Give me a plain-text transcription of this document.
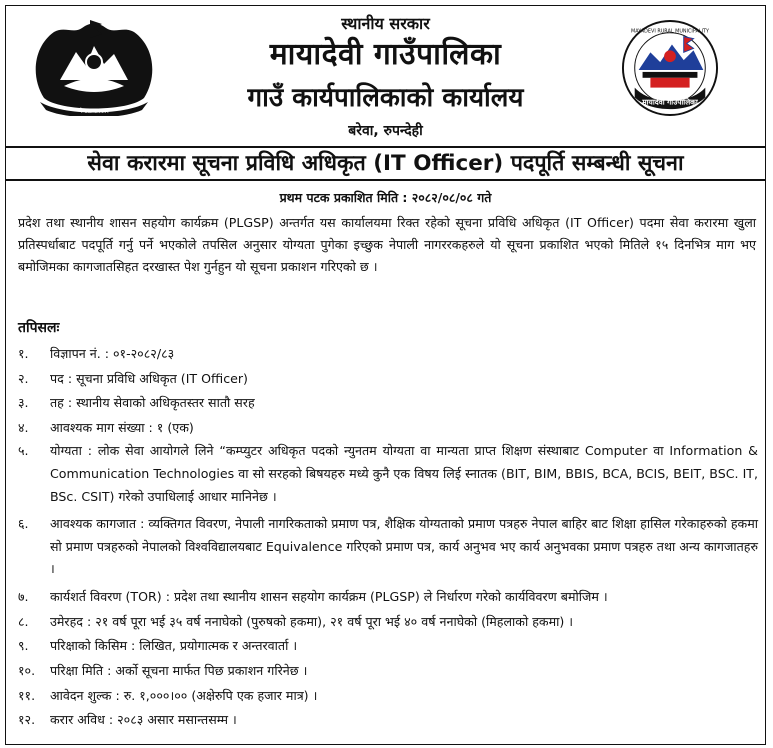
नेपाल सरकार
स्थानीय सरकार
मायादेवी गाउँपालिका
गाउँ कार्यपालिकाको कार्यालय
बरेवा, रुपन्देही
मायादेवी गाउँपालिका
MAYADEVI RURAL MUNICIPALITY
सेवा करारमा सूचना प्रविधि अधिकृत (IT Officer) पदपूर्ति सम्बन्धी सूचना
प्रथम पटक प्रकाशित मिति : २०८२/०८/०८ गते

प्रदेश तथा स्थानीय शासन सहयोग कार्यक्रम (PLGSP) अन्तर्गत यस कार्यालयमा रिक्त रहेको सूचना प्रविधि अधिकृत (IT Officer) पदमा सेवा करारमा खुला प्रतिस्पर्धाबाट पदपूर्ति गर्नु पर्ने भएकोले तपसिल अनुसार योग्यता पुगेका इच्छुक नेपाली नागररकहरुले यो सूचना प्रकाशित भएको मितिले १५ दिनभित्र माग भए बमोजिमका कागजातसिहत दरखास्त पेश गुर्नहुन यो सूचना प्रकाशन गरिएको छ ।

तपिसलः
१.	विज्ञापन नं. : ०१-२०८२/८३
२.	पद : सूचना प्रविधि अधिकृत (IT Officer)
३.	तह : स्थानीय सेवाको अधिकृतस्तर सातौ सरह
४.	आवश्यक माग संख्या : १ (एक)
५.	योग्यता : लोक सेवा आयोगले लिने “कम्प्युटर अधिकृत पदको न्युनतम योग्यता वा मान्यता प्राप्त शिक्षण संस्थाबाट Computer वा Information & Communication Technologies वा सो सरहको बिषयहरु मध्ये कुनै एक विषय लिई स्नातक (BIT, BIM, BBIS, BCA, BCIS, BEIT, BSC. IT, BSc. CSIT) गरेको उपाधिलाई आधार मानिनेछ ।
६.	आवश्यक कागजात : व्यक्तिगत विवरण, नेपाली नागरिकताको प्रमाण पत्र, शैक्षिक योग्यताको प्रमाण पत्रहरु नेपाल बाहिर बाट शिक्षा हासिल गरेकाहरुको हकमा सो प्रमाण पत्रहरुको नेपालको विश्वविद्यालयबाट Equivalence गरिएको प्रमाण पत्र, कार्य अनुभव भए कार्य अनुभवका प्रमाण पत्रहरु तथा अन्य कागजातहरु ।
७.	कार्यशर्त विवरण (TOR) : प्रदेश तथा स्थानीय शासन सहयोग कार्यक्रम (PLGSP) ले निर्धारण गरेको कार्यविवरण बमोजिम ।
८.	उमेरहद : २१ वर्ष पूरा भई ३५ वर्ष ननाघेको (पुरुषको हकमा), २१ वर्ष पूरा भई ४० वर्ष ननाघेको (मिहलाको हकमा) ।
९.	परिक्षाको किसिम : लिखित, प्रयोगात्मक र अन्तरवार्ता ।
१०.	परिक्षा मिति : अर्को सूचना मार्फत पिछ प्रकाशन गरिनेछ ।
११.	आवेदन शुल्क : रु. १,०००।०० (अक्षेरुपि एक हजार मात्र) ।
१२.	करार अविध : २०८३ असार मसान्तसम्म ।
